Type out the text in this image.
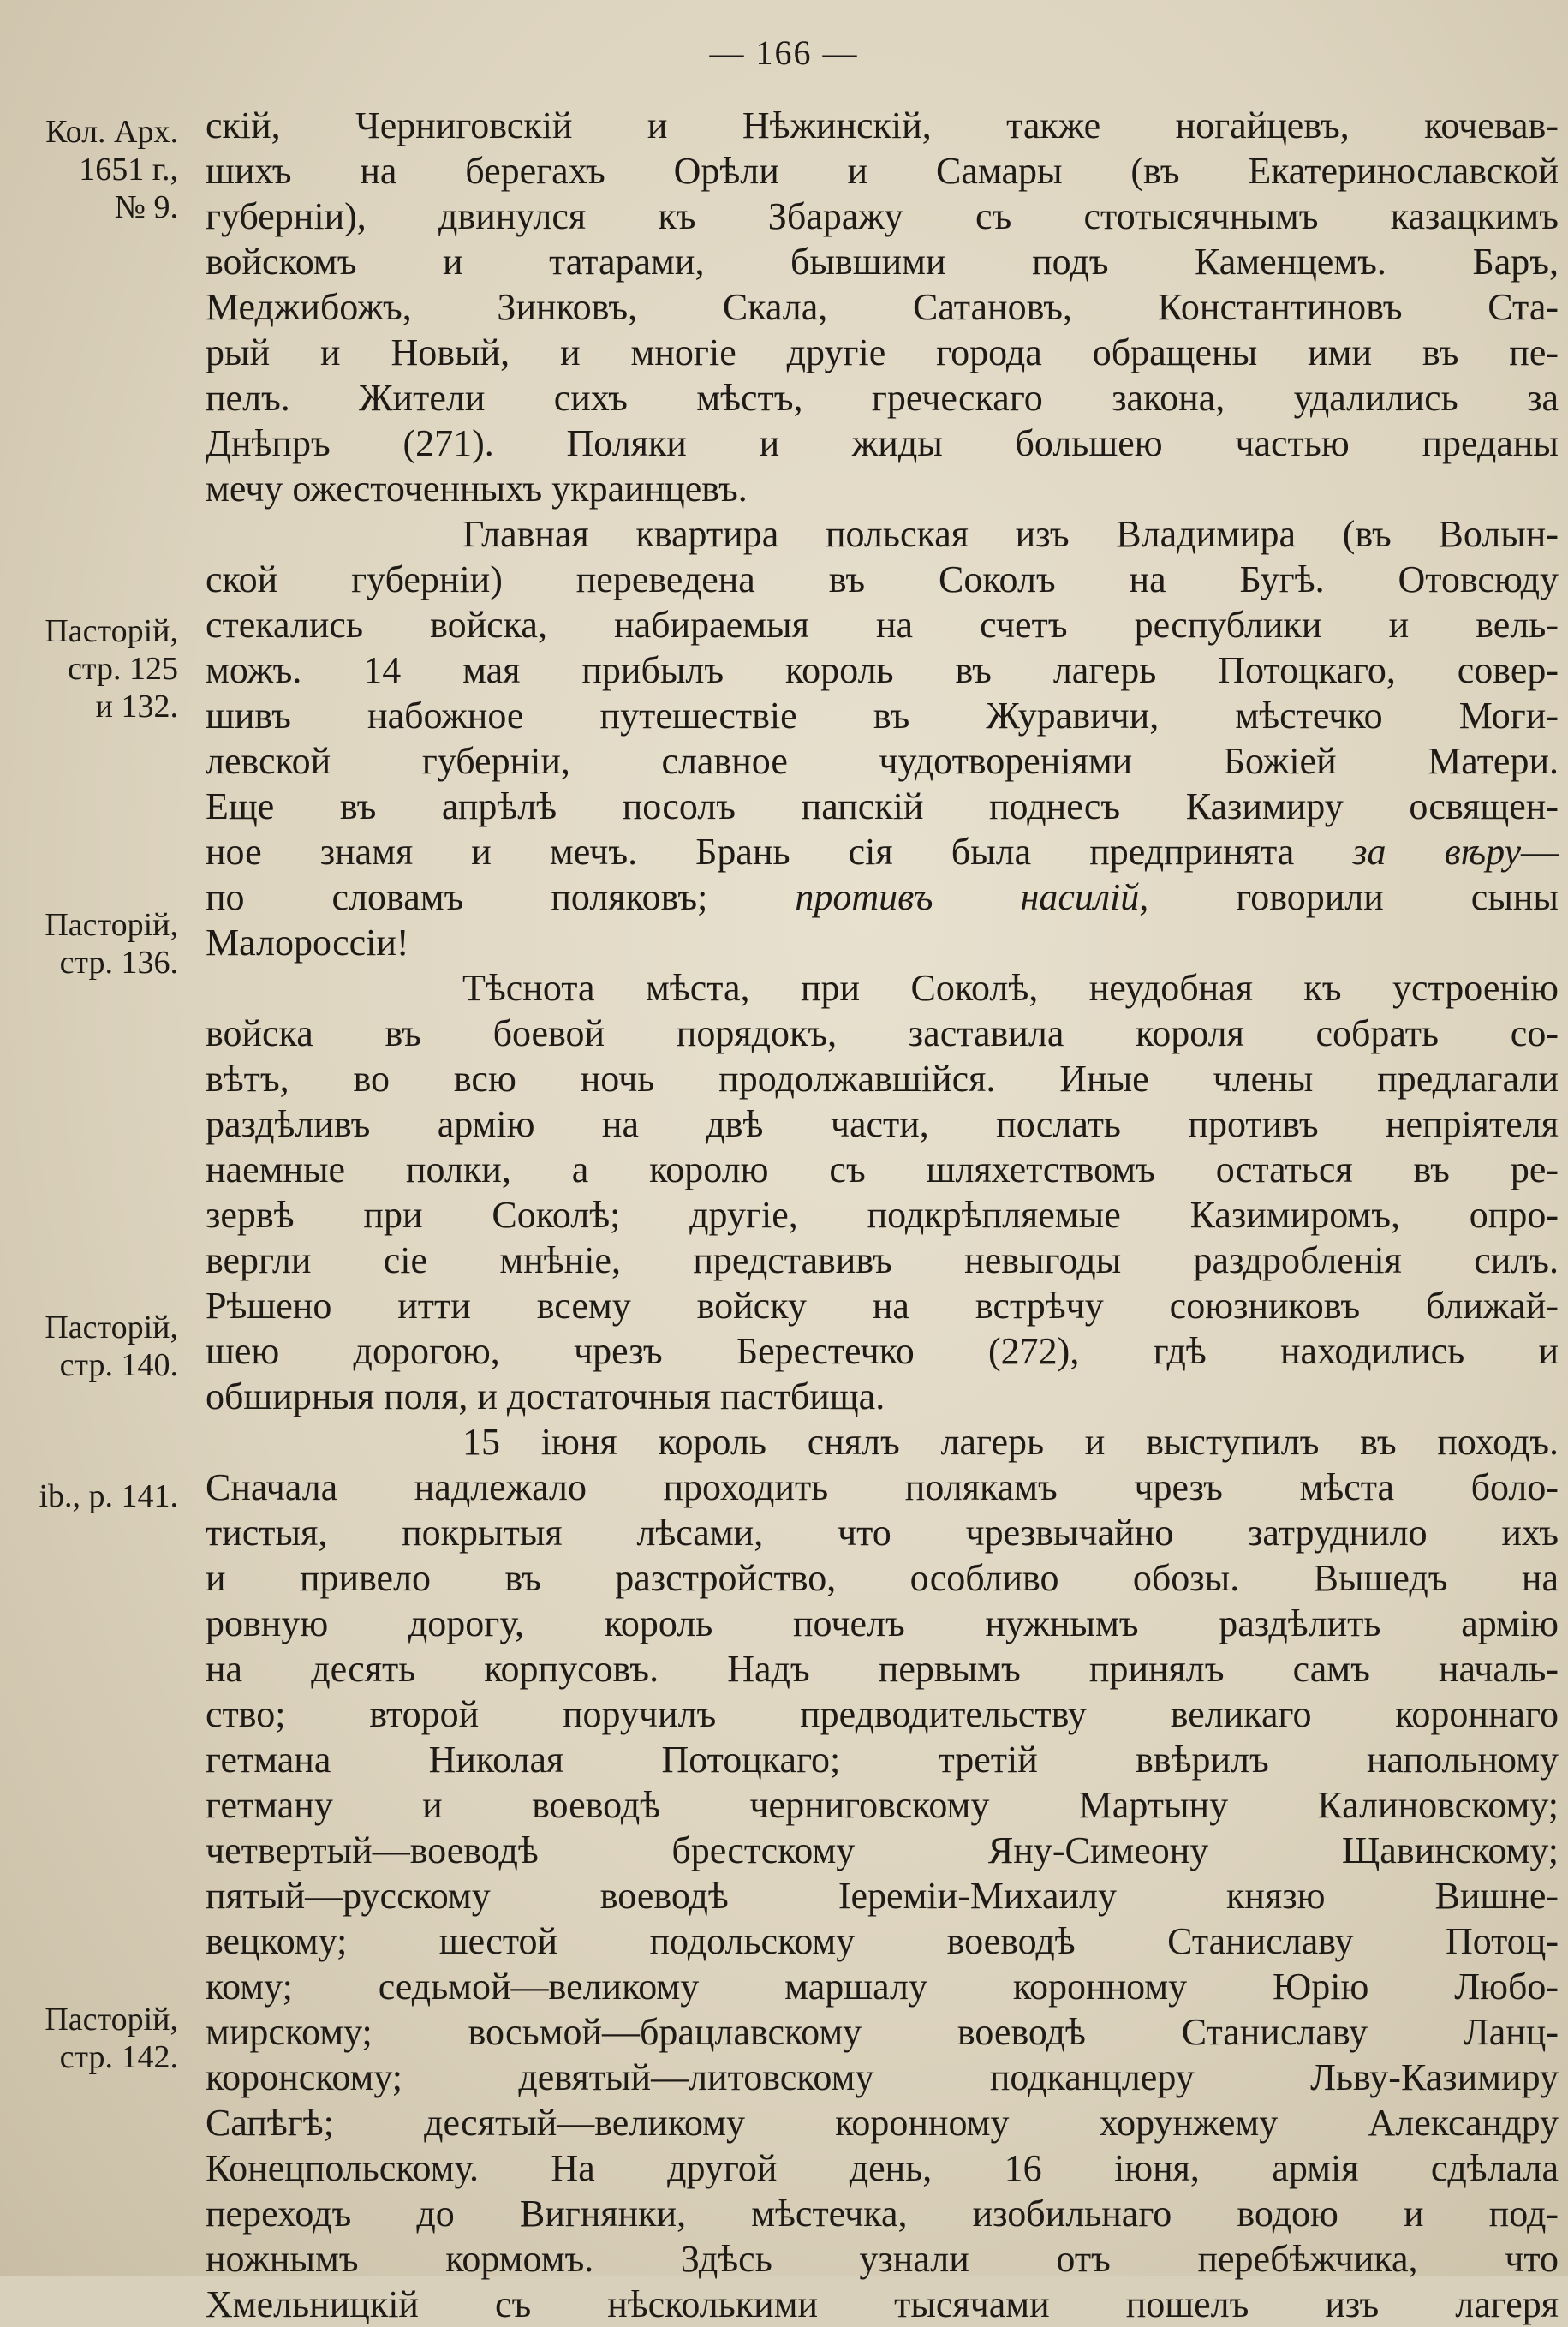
— 166 —
Кол. Арх.
1651 г.,
№ 9.
Пасторій,
стр. 125
и 132.
Пасторій,
стр. 136.
Пасторій,
стр. 140.
ib., p. 141.
Пасторій,
стр. 142.
скій, Черниговскій и Нѣжинскій, также ногайцевъ, кочевав-
шихъ на берегахъ Орѣли и Самары (въ Екатеринославской
губерніи), двинулся къ Збаражу съ стотысячнымъ казацкимъ
войскомъ и татарами, бывшими подъ Каменцемъ. Баръ,
Меджибожъ, Зинковъ, Скала, Сатановъ, Константиновъ Ста-
рый и Новый, и многіе другіе города обращены ими въ пе-
пелъ. Жители сихъ мѣстъ, греческаго закона, удалились за
Днѣпръ (271). Поляки и жиды большею частью преданы
мечу ожесточенныхъ украинцевъ.
Главная квартира польская изъ Владимира (въ Волын-
ской губерніи) переведена въ Соколъ на Бугѣ. Отовсюду
стекались войска, набираемыя на счетъ республики и вель-
можъ. 14 мая прибылъ король въ лагерь Потоцкаго, совер-
шивъ набожное путешествіе въ Журавичи, мѣстечко Моги-
левской губерніи, славное чудотвореніями Божіей Матери.
Еще въ апрѣлѣ посолъ папскій поднесъ Казимиру освящен-
ное знамя и мечъ. Брань сія была предпринята за вѣру—
по словамъ поляковъ; противъ насилій, говорили сыны
Малороссіи!
Тѣснота мѣста, при Соколѣ, неудобная къ устроенію
войска въ боевой порядокъ, заставила короля собрать со-
вѣтъ, во всю ночь продолжавшійся. Иные члены предлагали
раздѣливъ армію на двѣ части, послать противъ непріятеля
наемные полки, а королю съ шляхетствомъ остаться въ ре-
зервѣ при Соколѣ; другіе, подкрѣпляемые Казимиромъ, опро-
вергли сіе мнѣніе, представивъ невыгоды раздробленія силъ.
Рѣшено итти всему войску на встрѣчу союзниковъ ближай-
шею дорогою, чрезъ Берестечко (272), гдѣ находились и
обширныя поля, и достаточныя пастбища.
15 іюня король снялъ лагерь и выступилъ въ походъ.
Сначала надлежало проходить полякамъ чрезъ мѣста боло-
тистыя, покрытыя лѣсами, что чрезвычайно затруднило ихъ
и привело въ разстройство, особливо обозы. Вышедъ на
ровную дорогу, король почелъ нужнымъ раздѣлить армію
на десять корпусовъ. Надъ первымъ принялъ самъ началь-
ство; второй поручилъ предводительству великаго короннаго
гетмана Николая Потоцкаго; третій ввѣрилъ напольному
гетману и воеводѣ черниговскому Мартыну Калиновскому;
четвертый—воеводѣ брестскому Яну-Симеону Щавинскому;
пятый—русскому воеводѣ Іереміи-Михаилу князю Вишне-
вецкому; шестой подольскому воеводѣ Станиславу Потоц-
кому; седьмой—великому маршалу коронному Юрію Любо-
мирскому; восьмой—брацлавскому воеводѣ Станиславу Ланц-
коронскому; девятый—литовскому подканцлеру Льву-Казимиру
Сапѣгѣ; десятый—великому коронному хорунжему Александру
Конецпольскому. На другой день, 16 іюня, армія сдѣлала
переходъ до Вигнянки, мѣстечка, изобильнаго водою и под-
ножнымъ кормомъ. Здѣсь узнали отъ перебѣжчика, что
Хмельницкій съ нѣсколькими тысячами пошелъ изъ лагеря
